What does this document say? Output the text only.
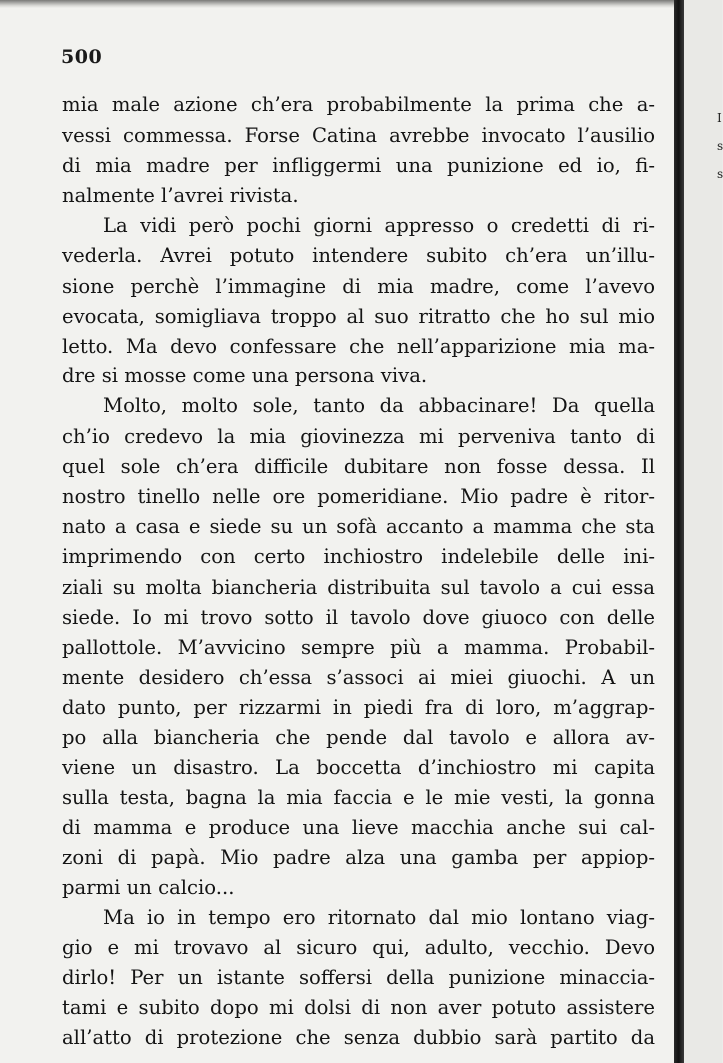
500
mia male azione ch’era probabilmente la prima che a-
vessi commessa. Forse Catina avrebbe invocato l’ausilio
di mia madre per infliggermi una punizione ed io, fi-
nalmente l’avrei rivista.
La vidi però pochi giorni appresso o credetti di ri-
vederla. Avrei potuto intendere subito ch’era un’illu-
sione perchè l’immagine di mia madre, come l’avevo
evocata, somigliava troppo al suo ritratto che ho sul mio
letto. Ma devo confessare che nell’apparizione mia ma-
dre si mosse come una persona viva.
Molto, molto sole, tanto da abbacinare! Da quella
ch’io credevo la mia giovinezza mi perveniva tanto di
quel sole ch’era difficile dubitare non fosse dessa. Il
nostro tinello nelle ore pomeridiane. Mio padre è ritor-
nato a casa e siede su un sofà accanto a mamma che sta
imprimendo con certo inchiostro indelebile delle ini-
ziali su molta biancheria distribuita sul tavolo a cui essa
siede. Io mi trovo sotto il tavolo dove giuoco con delle
pallottole. M’avvicino sempre più a mamma. Probabil-
mente desidero ch’essa s’associ ai miei giuochi. A un
dato punto, per rizzarmi in piedi fra di loro, m’aggrap-
po alla biancheria che pende dal tavolo e allora av-
viene un disastro. La boccetta d’inchiostro mi capita
sulla testa, bagna la mia faccia e le mie vesti, la gonna
di mamma e produce una lieve macchia anche sui cal-
zoni di papà. Mio padre alza una gamba per appiop-
parmi un calcio...
Ma io in tempo ero ritornato dal mio lontano viag-
gio e mi trovavo al sicuro qui, adulto, vecchio. Devo
dirlo! Per un istante soffersi della punizione minaccia-
tami e subito dopo mi dolsi di non aver potuto assistere
all’atto di protezione che senza dubbio sarà partito da
I
s
s
